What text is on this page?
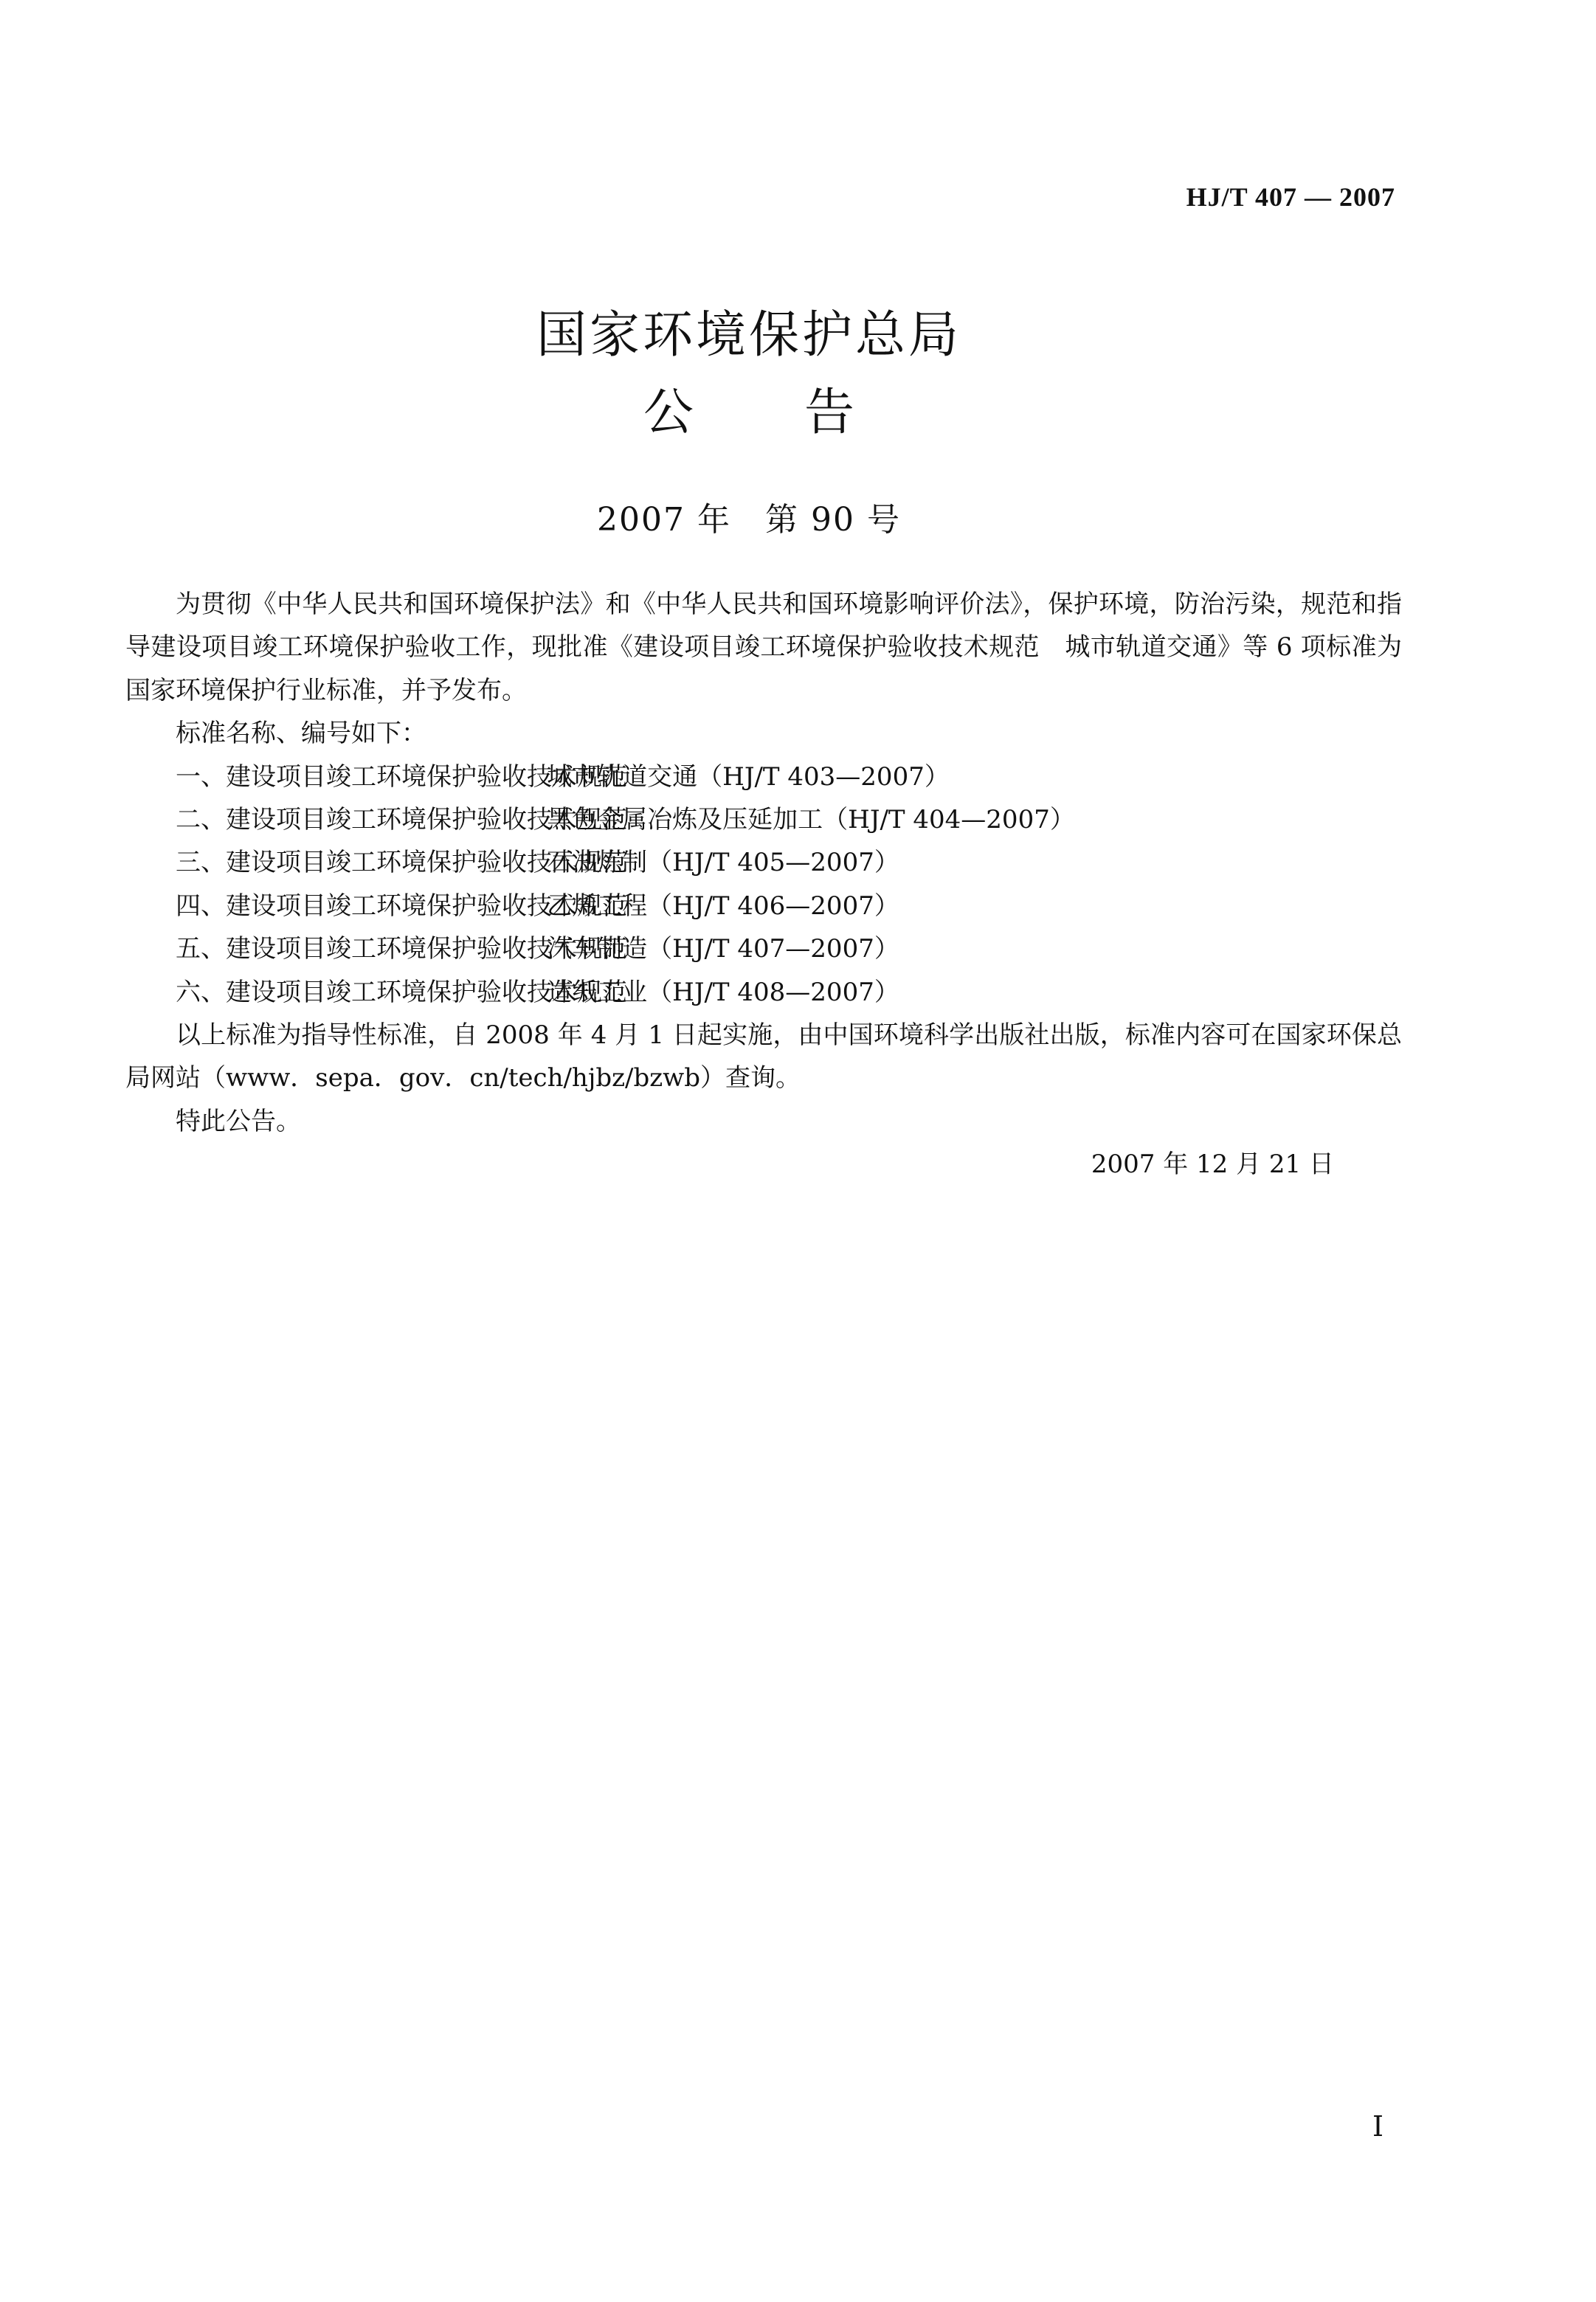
HJ/T 407 — 2007
国家环境保护总局
公告
2007 年　第 90 号

为贯彻《中华人民共和国环境保护法》和《中华人民共和国环境影响评价法》，保护环境，防治污染，规范和指导建设项目竣工环境保护验收工作，现批准《建设项目竣工环境保护验收技术规范　城市轨道交通》等 6 项标准为国家环境保护行业标准，并予发布。

标准名称、编号如下：

一、建设项目竣工环境保护验收技术规范城市轨道交通（HJ/T 403—2007）

二、建设项目竣工环境保护验收技术规范黑色金属冶炼及压延加工（HJ/T 404—2007）

三、建设项目竣工环境保护验收技术规范石油炼制（HJ/T 405—2007）

四、建设项目竣工环境保护验收技术规范乙烯工程（HJ/T 406—2007）

五、建设项目竣工环境保护验收技术规范汽车制造（HJ/T 407—2007）

六、建设项目竣工环境保护验收技术规范造纸工业（HJ/T 408—2007）

以上标准为指导性标准，自 2008 年 4 月 1 日起实施，由中国环境科学出版社出版，标准内容可在国家环保总局网站（www．sepa．gov．cn/tech/hjbz/bzwb）查询。

特此公告。

2007 年 12 月 21 日

Ⅰ
